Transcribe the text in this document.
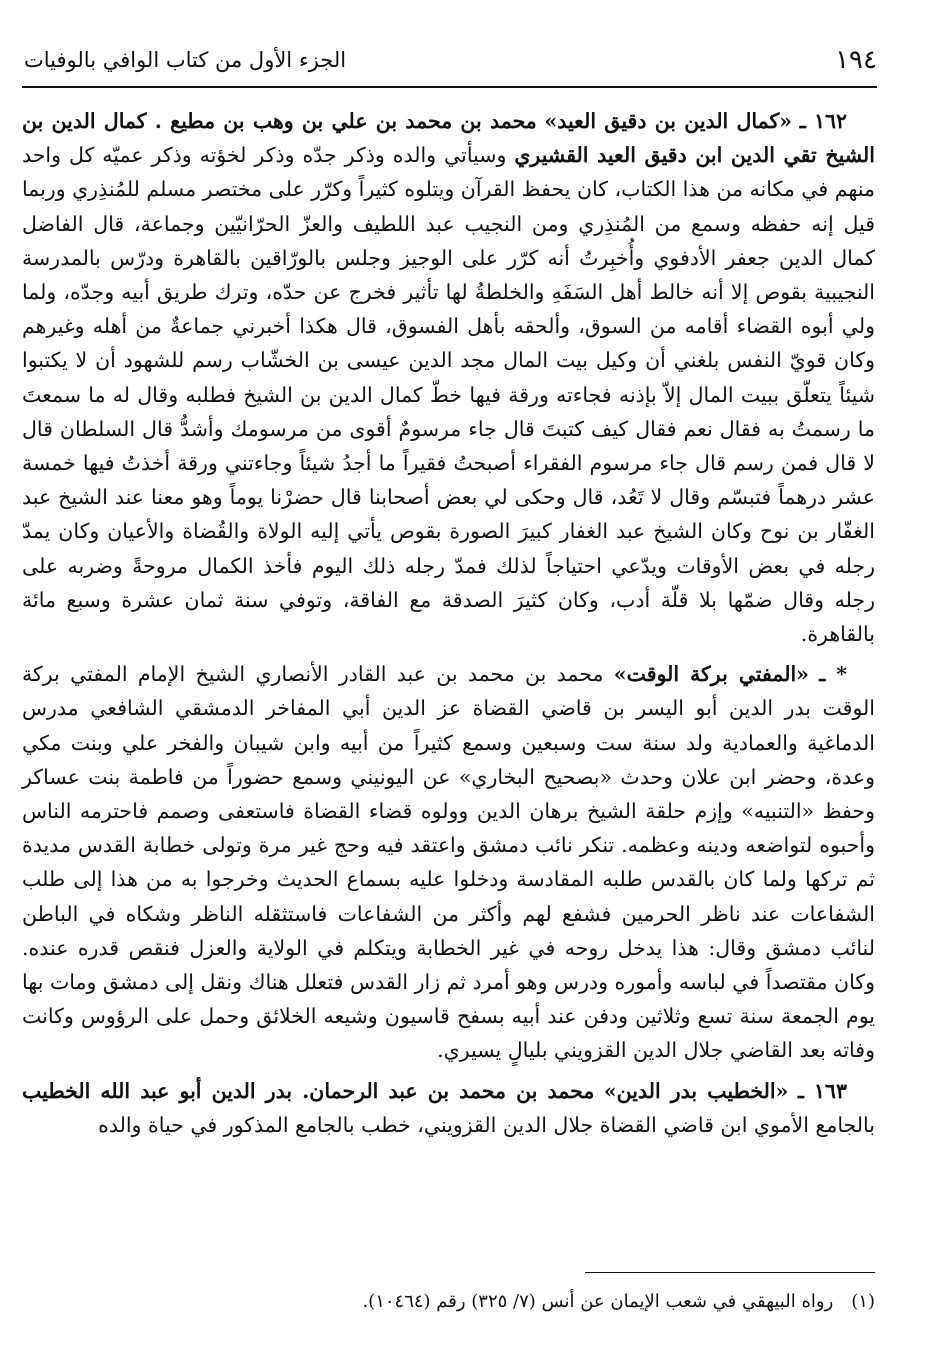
١٩٤
الجزء الأول من كتاب الوافي بالوفيات

١٦٢ ـ «كمال الدين بن دقيق العيد» محمد بن محمد بن علي بن وهب بن مطيع . كمال الدين بن الشيخ تقي الدين ابن دقيق العيد القشيري وسيأتي والده وذكر جدّه وذكر لخؤته وذكر عميّه كل واحد منهم في مكانه من هذا الكتاب، كان يحفظ القرآن ويتلوه كثيراً وكرّر على مختصر مسلم للمُنذِري وربما قيل إنه حفظه وسمع من المُنذِري ومن النجيب عبد اللطيف والعزّ الحرّانيّين وجماعة، قال الفاضل كمال الدين جعفر الأدفوي وأُخبِرتُ أنه كرّر على الوجيز وجلس بالورّاقين بالقاهرة ودرّس بالمدرسة النجيبية بقوص إلا أنه خالط أهل السَفَهِ والخلطةُ لها تأثير فخرج عن حدّه، وترك طريق أبيه وجدّه، ولما ولي أبوه القضاء أقامه من السوق، وألحقه بأهل الفسوق، قال هكذا أخبرني جماعةٌ من أهله وغيرهم وكان قويّ النفس بلغني أن وكيل بيت المال مجد الدين عيسى بن الخشّاب رسم للشهود أن لا يكتبوا شيئاً يتعلّق ببيت المال إلاّ بإذنه فجاءته ورقة فيها خطّ كمال الدين بن الشيخ فطلبه وقال له ما سمعتَ ما رسمتُ به فقال نعم فقال كيف كتبتَ قال جاء مرسومٌ أقوى من مرسومك وأشدُّ قال السلطان قال لا قال فمن رسم قال جاء مرسوم الفقراء أصبحتُ فقيراً ما أجدُ شيئاً وجاءتني ورقة أخذتُ فيها خمسة عشر درهماً فتبسّم وقال لا تَعُد، قال وحكى لي بعض أصحابنا قال حضرْنا يوماً وهو معنا عند الشيخ عبد الغفّار بن نوح وكان الشيخ عبد الغفار كبيرَ الصورة بقوص يأتي إليه الولاة والقُضاة والأعيان وكان يمدّ رجله في بعض الأوقات ويدّعي احتياجاً لذلك فمدّ رجله ذلك اليوم فأخذ الكمال مروحةً وضربه على رجله وقال ضمّها بلا قلّة أدب، وكان كثيرَ الصدقة مع الفاقة، وتوفي سنة ثمان عشرة وسبع مائة بالقاهرة.

* ـ «المفتي بركة الوقت» محمد بن محمد بن عبد القادر الأنصاري الشيخ الإمام المفتي بركة الوقت بدر الدين أبو اليسر بن قاضي القضاة عز الدين أبي المفاخر الدمشقي الشافعي مدرس الدماغية والعمادية ولد سنة ست وسبعين وسمع كثيراً من أبيه وابن شيبان والفخر علي وبنت مكي وعدة، وحضر ابن علان وحدث «بصحيح البخاري» عن اليونيني وسمع حضوراً من فاطمة بنت عساكر وحفظ «التنبيه» وإزم حلقة الشيخ برهان الدين وولوه قضاء القضاة فاستعفى وصمم فاحترمه الناس وأحبوه لتواضعه ودينه وعظمه. تنكر نائب دمشق واعتقد فيه وحج غير مرة وتولى خطابة القدس مديدة ثم تركها ولما كان بالقدس طلبه المقادسة ودخلوا عليه بسماع الحديث وخرجوا به من هذا إلى طلب الشفاعات عند ناظر الحرمين فشفع لهم وأكثر من الشفاعات فاستثقله الناظر وشكاه في الباطن لنائب دمشق وقال: هذا يدخل روحه في غير الخطابة ويتكلم في الولاية والعزل فنقص قدره عنده. وكان مقتصداً في لباسه وأموره ودرس وهو أمرد ثم زار القدس فتعلل هناك ونقل إلى دمشق ومات بها يوم الجمعة سنة تسع وثلاثين ودفن عند أبيه بسفح قاسيون وشيعه الخلائق وحمل على الرؤوس وكانت وفاته بعد القاضي جلال الدين القزويني بليالٍ يسيري.

١٦٣ ـ «الخطيب بدر الدين» محمد بن محمد بن عبد الرحمان. بدر الدين أبو عبد الله الخطيب بالجامع الأموي ابن قاضي القضاة جلال الدين القزويني، خطب بالجامع المذكور في حياة والده

(١)
رواه البيهقي في شعب الإيمان عن أنس (٧/ ٣٢٥) رقم (١٠٤٦٤).
